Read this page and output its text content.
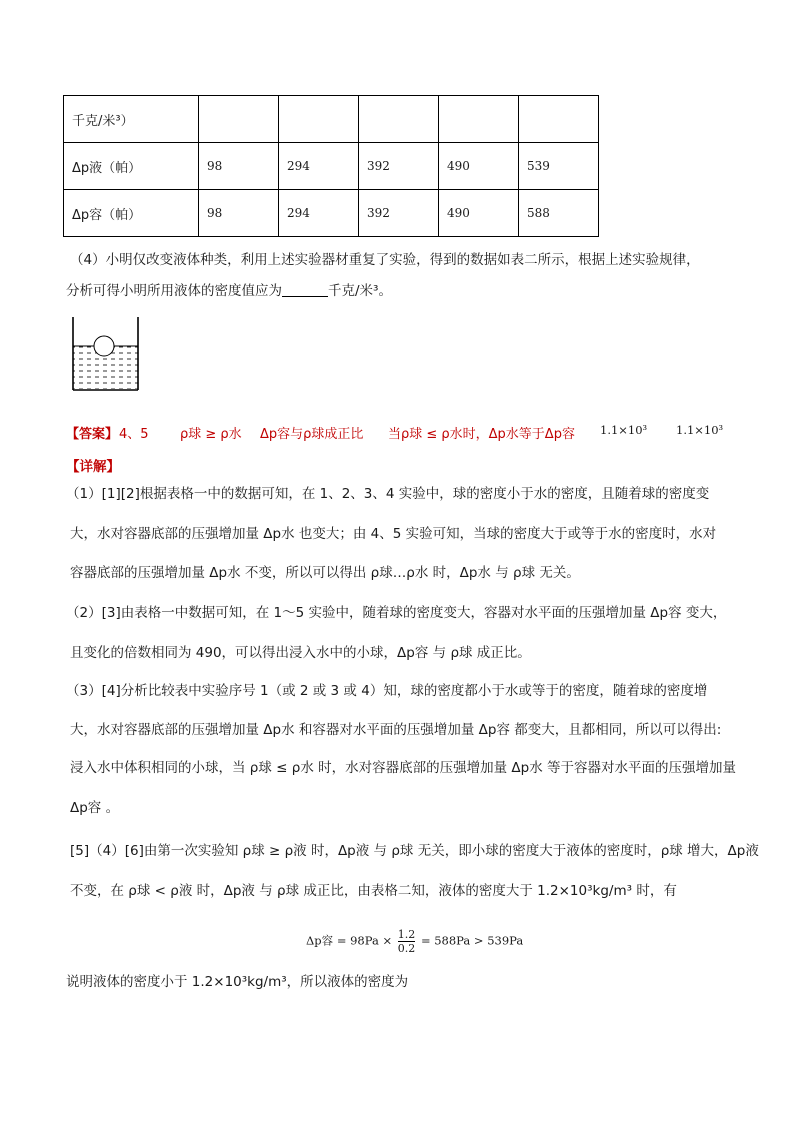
千克/米³）					
Δp液（帕）	98	294	392	490	539
Δp容（帕）	98	294	392	490	588
（4）小明仅改变液体种类，利用上述实验器材重复了实验，得到的数据如表二所示，根据上述实验规律，
分析可得小明所用液体的密度值应为	千克/米³。
【答案】 4、5 ρ球 ≥ ρ水 Δp容与ρ球成正比 当ρ球 ≤ ρ水时，Δp水等于Δp容 1.1×10³	1.1×10³
【详解】
（1）[1][2]根据表格一中的数据可知，在 1、2、3、4 实验中，球的密度小于水的密度，且随着球的密度变
大，水对容器底部的压强增加量 Δp水 也变大；由 4、5 实验可知，当球的密度大于或等于水的密度时，水对
容器底部的压强增加量 Δp水 不变，所以可以得出 ρ球…ρ水 时，Δp水 与 ρ球 无关。
（2）[3]由表格一中数据可知，在 1～5 实验中，随着球的密度变大，容器对水平面的压强增加量 Δp容 变大，
且变化的倍数相同为 490，可以得出浸入水中的小球，Δp容 与 ρ球 成正比。
（3）[4]分析比较表中实验序号 1（或 2 或 3 或 4）知，球的密度都小于水或等于的密度，随着球的密度增
大，水对容器底部的压强增加量 Δp水 和容器对水平面的压强增加量 Δp容 都变大，且都相同，所以可以得出:
浸入水中体积相同的小球，当 ρ球 ≤ ρ水 时，水对容器底部的压强增加量 Δp水 等于容器对水平面的压强增加量
Δp容 。
[5]（4）[6]由第一次实验知 ρ球 ≥ ρ液 时，Δp液 与 ρ球 无关，即小球的密度大于液体的密度时，ρ球 增大，Δp液
不变，在 ρ球 < ρ液 时，Δp液 与 ρ球 成正比，由表格二知，液体的密度大于 1.2×10³kg/m³ 时，有
Δp容 = $98Pa \times \frac{1.2}{0.2} = 588Pa > 539Pa$
说明液体的密度小于 1.2×10³kg/m³，所以液体的密度为
